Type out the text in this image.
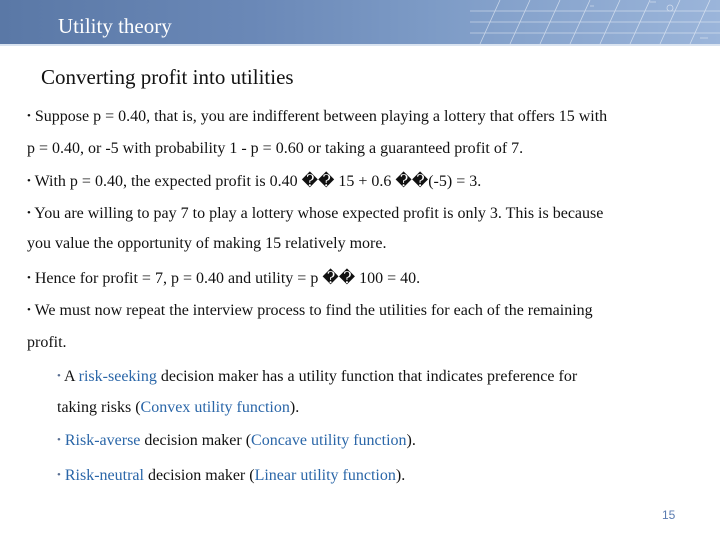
Utility theory
Converting profit into utilities
• Suppose p = 0.40, that is, you are indifferent between playing a lottery that offers 15 with
p = 0.40, or -5 with probability 1 - p = 0.60 or taking a guaranteed profit of 7.
• With p = 0.40, the expected profit is 0.40 �� 15 + 0.6 ��(-5) = 3.
• You are willing to pay 7 to play a lottery whose expected profit is only 3. This is because
you value the opportunity of making 15 relatively more.
• Hence for profit = 7, p = 0.40 and utility = p �� 100 = 40.
• We must now repeat the interview process to find the utilities for each of the remaining
profit.
• A risk-seeking decision maker has a utility function that indicates preference for
taking risks (Convex utility function).
• Risk-averse decision maker (Concave utility function).
• Risk-neutral decision maker (Linear utility function).
15
